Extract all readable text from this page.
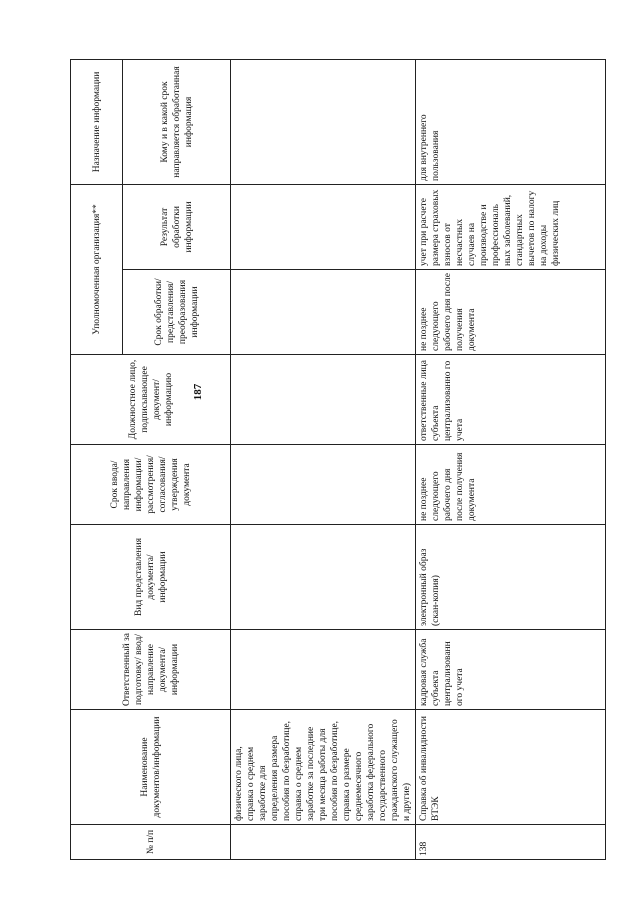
187
№ п/п	Наименование документов/информации	Ответственный за подготовку/ ввод/ направление документа/ информации	Вид представления документа/ информации	Срок ввода/ направления информации/ рассмотрения/ согласования/ утверждения документа	Должностное лицо, подписывающее документ/ информацию	Уполномоченная организация**		Назначение информации
						Срок обработки/ представления/ преобразования информации	Результат обработки информации	Кому и в какой срок направляется обработанная информация
	физического лица, справка о среднем заработке для определения размера пособия по безработице, справка о среднем заработке за последние три месяца работы для пособия по безработице, справка о размере среднемесячного заработка федерального государственного гражданского служащего и другие)							
138	Справка об инвалидности ВТЭК	кадровая служба субъекта централизованн ого учета	электронный образ (скан-копия)	не позднее следующего рабочего дня после получения документа	ответственные лица субъекта централизованно го учета	не позднее следующего рабочего дня после получения документа	учет при расчете размера страховых взносов от несчастных случаев на производстве и профессиональ ных заболеваний, стандартных вычетов по налогу на доходы физических лиц	для внутреннего пользования
